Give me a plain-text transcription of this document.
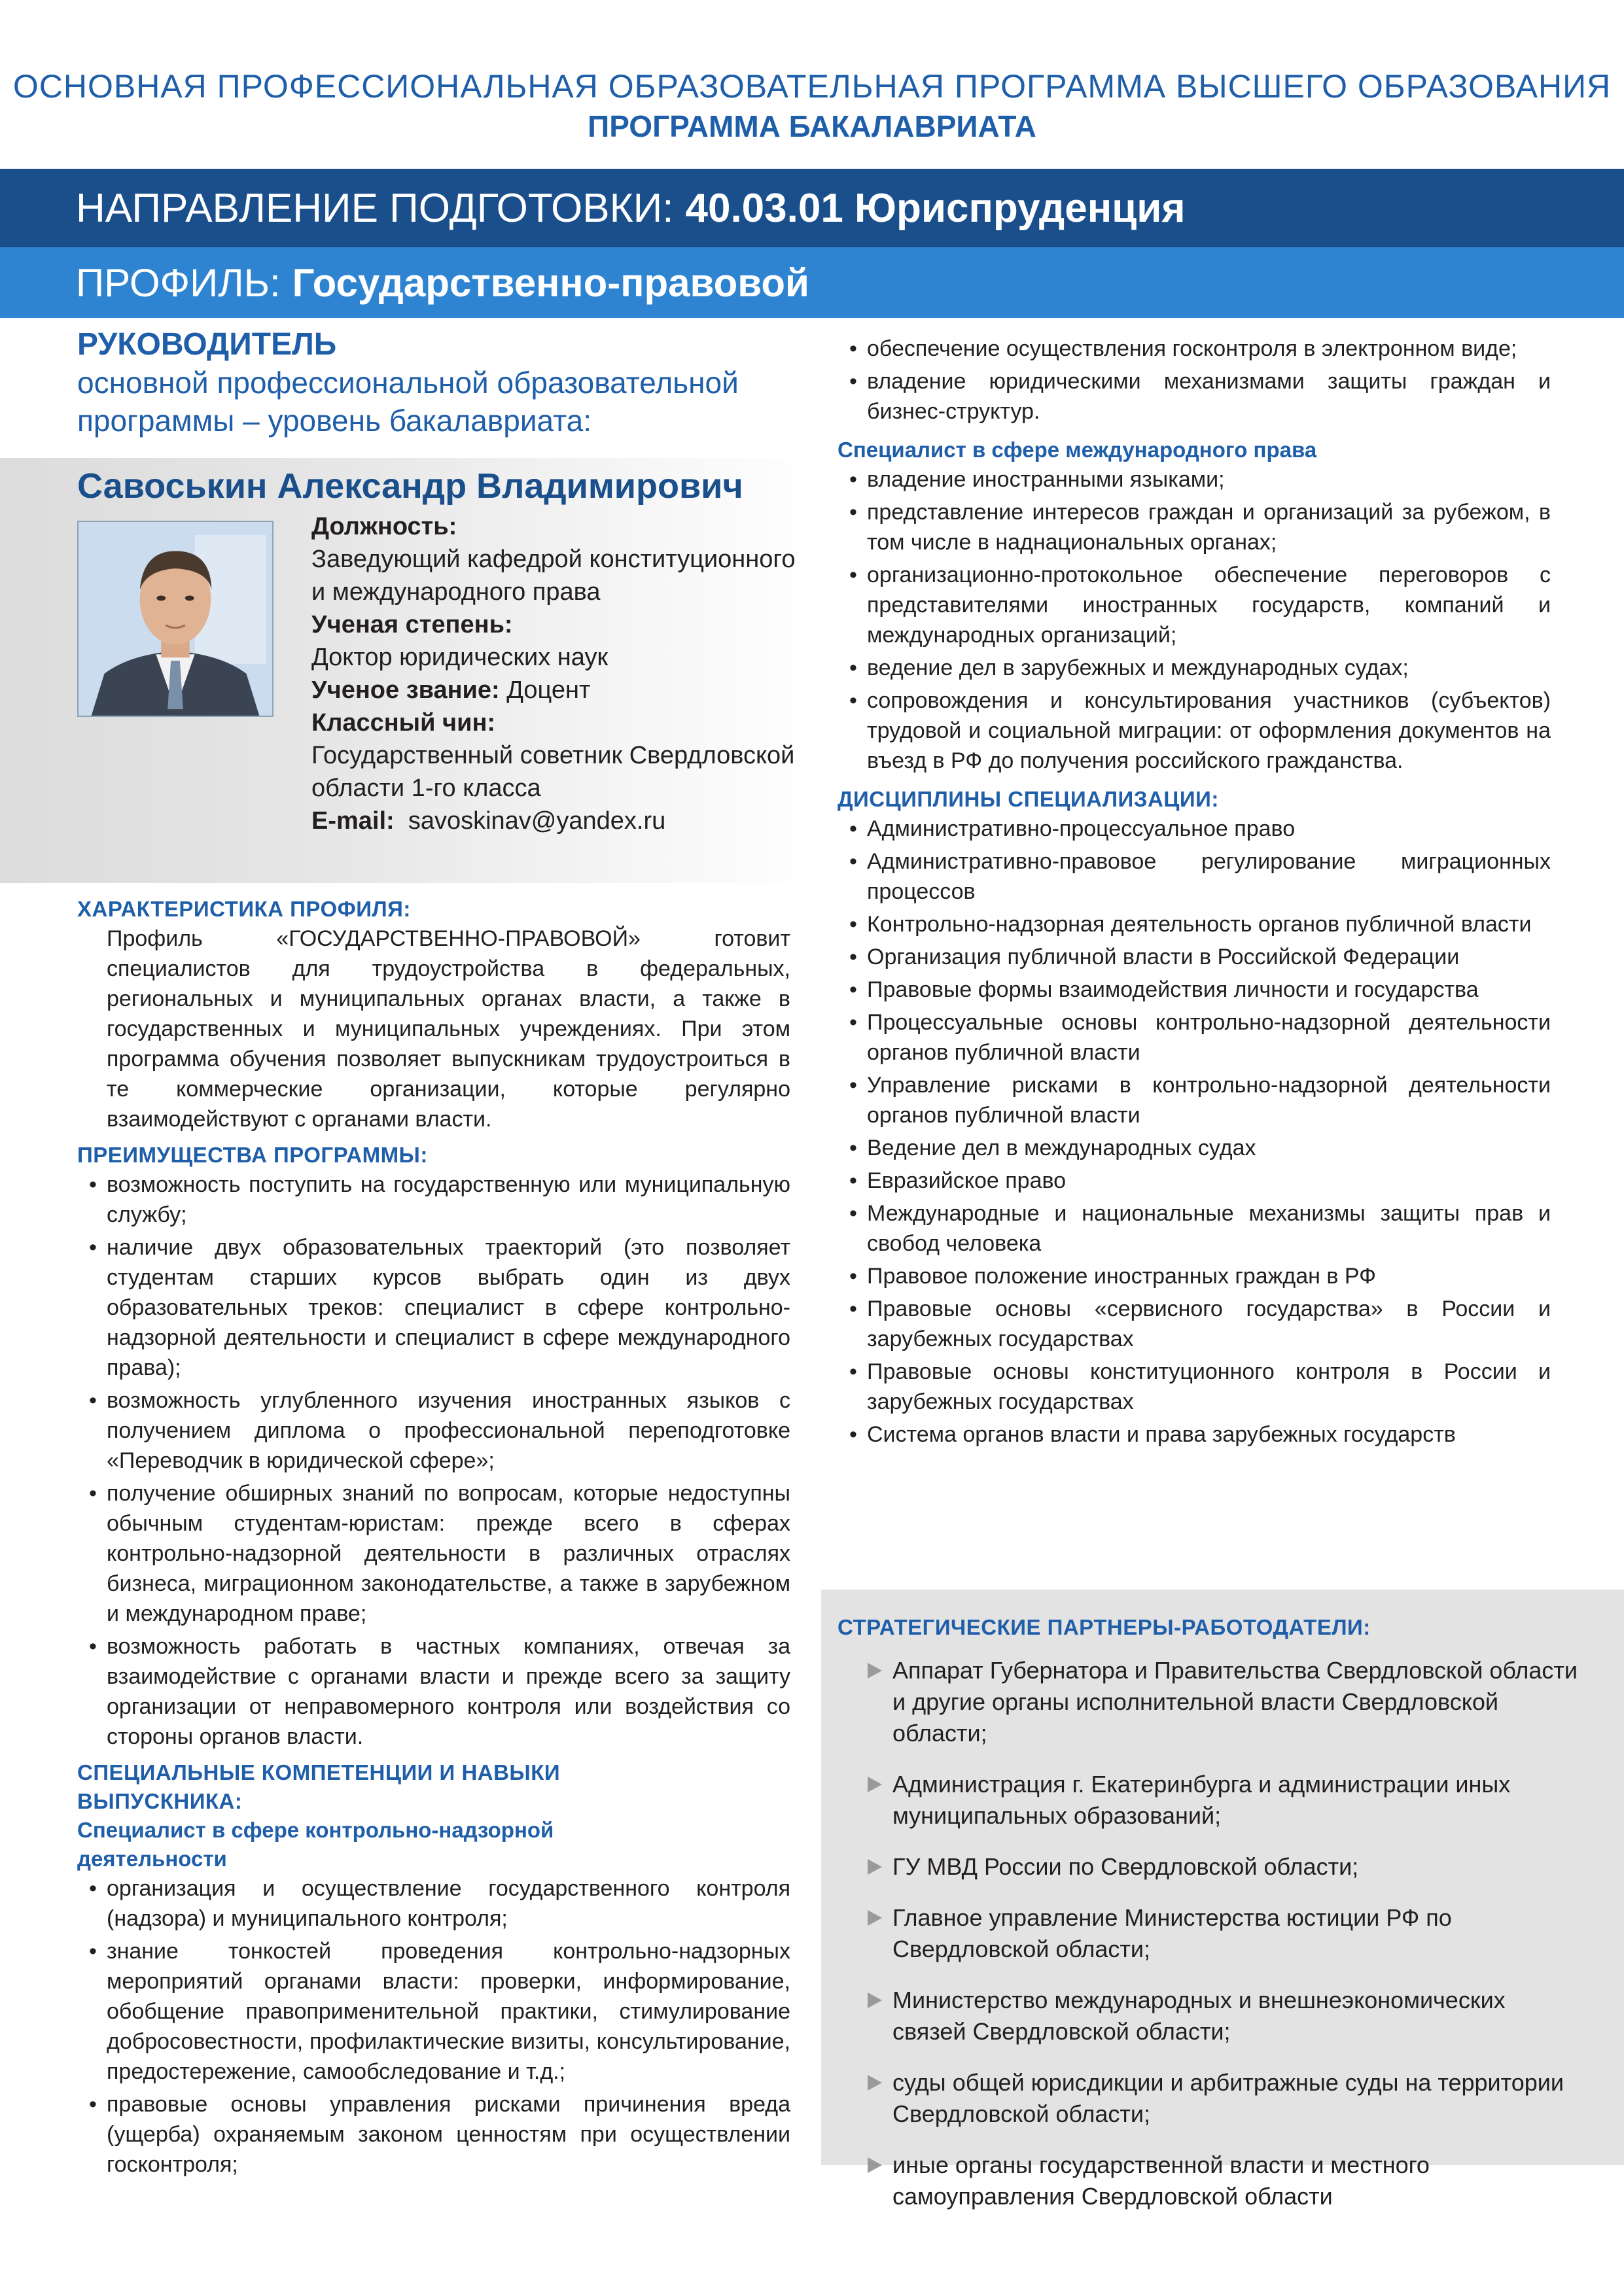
ОСНОВНАЯ ПРОФЕССИОНАЛЬНАЯ ОБРАЗОВАТЕЛЬНАЯ ПРОГРАММА ВЫСШЕГО ОБРАЗОВАНИЯ
ПРОГРАММА БАКАЛАВРИАТА
НАПРАВЛЕНИЕ ПОДГОТОВКИ: 40.03.01 Юриспруденция
ПРОФИЛЬ: Государственно-правовой
РУКОВОДИТЕЛЬ
основной профессиональной образовательной
программы – уровень бакалавриата:
Савоськин Александр Владимирович
Должность:
Заведующий кафедрой конституционного и международного права
Ученая степень:
Доктор юридических наук
Ученое звание: Доцент
Классный чин:
Государственный советник Свердловской области 1-го класса
E-mail: savoskinav@yandex.ru
ХАРАКТЕРИСТИКА ПРОФИЛЯ:
Профиль «ГОСУДАРСТВЕННО-ПРАВОВОЙ» готовит специалистов для трудоустройства в федеральных, региональных и муниципальных органах власти, а также в государственных и муниципальных учреждениях. При этом программа обучения позволяет выпускникам трудоустроиться в те коммерческие организации, которые регулярно взаимодействуют с органами власти.
ПРЕИМУЩЕСТВА ПРОГРАММЫ:
• возможность поступить на государственную или муниципальную службу;
• наличие двух образовательных траекторий (это позволяет студентам старших курсов выбрать один из двух образовательных треков: специалист в сфере контрольно-надзорной деятельности и специалист в сфере международного права);
• возможность углубленного изучения иностранных языков с получением диплома о профессиональной переподготовке «Переводчик в юридической сфере»;
• получение обширных знаний по вопросам, которые недоступны обычным студентам-юристам: прежде всего в сферах контрольно-надзорной деятельности в различных отраслях бизнеса, миграционном законодательстве, а также в зарубежном и международном праве;
• возможность работать в частных компаниях, отвечая за взаимодействие с органами власти и прежде всего за защиту организации от неправомерного контроля или воздействия со стороны органов власти.
СПЕЦИАЛЬНЫЕ КОМПЕТЕНЦИИ И НАВЫКИ
ВЫПУСКНИКА:
Специалист в сфере контрольно-надзорной
деятельности
• организация и осуществление государственного контроля (надзора) и муниципального контроля;
• знание тонкостей проведения контрольно-надзорных мероприятий органами власти: проверки, информирование, обобщение правоприменительной практики, стимулирование добросовестности, профилактические визиты, консультирование, предостережение, самообследование и т.д.;
• правовые основы управления рисками причинения вреда (ущерба) охраняемым законом ценностям при осуществлении госконтроля;
• обеспечение осуществления госконтроля в электронном виде;
• владение юридическими механизмами защиты граждан и бизнес-структур.
Специалист в сфере международного права
• владение иностранными языками;
• представление интересов граждан и организаций за рубежом, в том числе в наднациональных органах;
• организационно-протокольное обеспечение переговоров с представителями иностранных государств, компаний и международных организаций;
• ведение дел в зарубежных и международных судах;
• сопровождения и консультирования участников (субъектов) трудовой и социальной миграции: от оформления документов на въезд в РФ до получения российского гражданства.
ДИСЦИПЛИНЫ СПЕЦИАЛИЗАЦИИ:
• Административно-процессуальное право
• Административно-правовое регулирование миграционных процессов
• Контрольно-надзорная деятельность органов публичной власти
• Организация публичной власти в Российской Федерации
• Правовые формы взаимодействия личности и государства
• Процессуальные основы контрольно-надзорной деятельности органов публичной власти
• Управление рисками в контрольно-надзорной деятельности органов публичной власти
• Ведение дел в международных судах
• Евразийское право
• Международные и национальные механизмы защиты прав и свобод человека
• Правовое положение иностранных граждан в РФ
• Правовые основы «сервисного государства» в России и зарубежных государствах
• Правовые основы конституционного контроля в России и зарубежных государствах
• Система органов власти и права зарубежных государств
СТРАТЕГИЧЕСКИЕ ПАРТНЕРЫ-РАБОТОДАТЕЛИ:
Аппарат Губернатора и Правительства Свердловской области и другие органы исполнительной власти Свердловской области;
Администрация г. Екатеринбурга и администрации иных муниципальных образований;
ГУ МВД России по Свердловской области;
Главное управление Министерства юстиции РФ по Свердловской области;
Министерство международных и внешнеэкономических связей Свердловской области;
суды общей юрисдикции и арбитражные суды на территории Свердловской области;
иные органы государственной власти и местного самоуправления Свердловской области
